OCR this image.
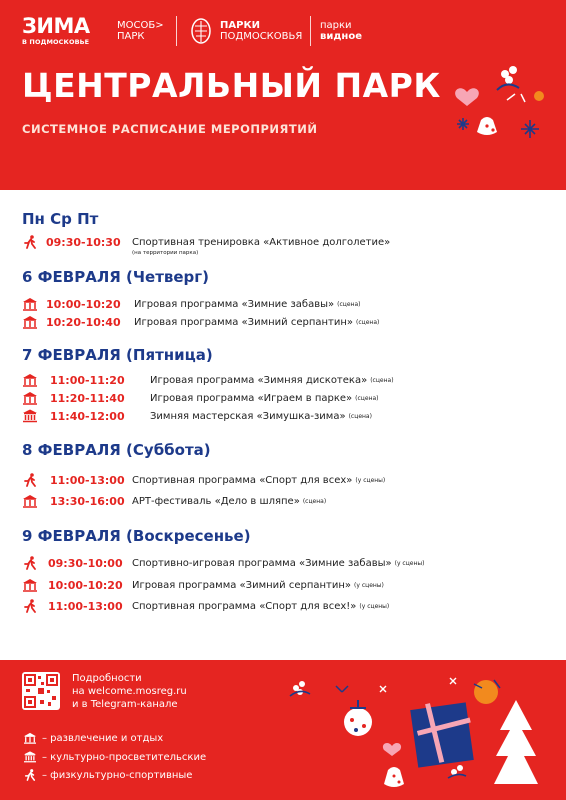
ЗИМА
В ПОДМОСКОВЬЕ
МОСОБ>
ПАРК
ПАРКИ
ПОДМОСКОВЬЯ
парки
видное
ЦЕНТРАЛЬНЫЙ ПАРК
СИСТЕМНОЕ РАСПИСАНИЕ МЕРОПРИЯТИЙ
Пн Ср Пт
09:30-10:30 Спортивная тренировка «Активное долголетие»
(на территории парка)
6 ФЕВРАЛЯ (Четверг)
10:00-10:20 Игровая программа «Зимние забавы» (сцена)
10:20-10:40 Игровая программа «Зимний серпантин» (сцена)
7 ФЕВРАЛЯ (Пятница)
11:00-11:20	Игровая программа «Зимняя дискотека» (сцена)
11:20-11:40	Игровая программа «Играем в парке» (сцена)
11:40-12:00	Зимняя мастерская «Зимушка-зима» (сцена)
8 ФЕВРАЛЯ (Суббота)
11:00-13:00 Спортивная программа «Спорт для всех» (у сцены)
13:30-16:00 АРТ-фестиваль «Дело в шляпе» (сцена)
9 ФЕВРАЛЯ (Воскресенье)
09:30-10:00 Спортивно-игровая программа «Зимние забавы» (у сцены)
10:00-10:20 Игровая программа «Зимний серпантин» (у сцены)
11:00-13:00 Спортивная программа «Спорт для всех!» (у сцены)
Подробности
на welcome.mosreg.ru
и в Telegram-канале
– развлечение и отдых
– культурно-просветительские
– физкультурно-спортивные
